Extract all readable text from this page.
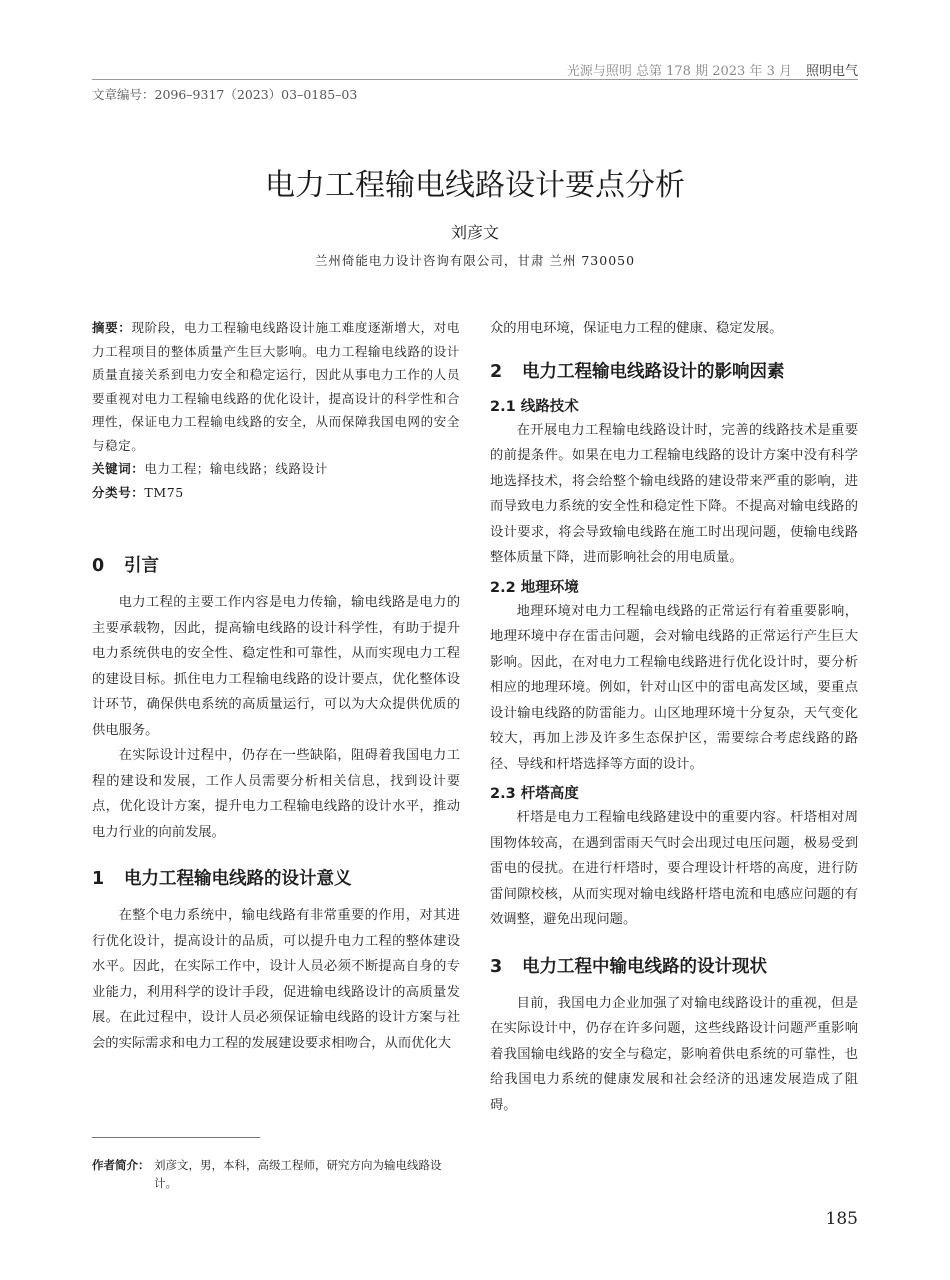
光源与照明 总第 178 期 2023 年 3 月 照明电气
文章编号：2096–9317（2023）03–0185–03
电力工程输电线路设计要点分析
刘彦文
兰州倚能电力设计咨询有限公司，甘肃 兰州 730050

摘要：现阶段，电力工程输电线路设计施工难度逐渐增大，对电力工程项目的整体质量产生巨大影响。电力工程输电线路的设计质量直接关系到电力安全和稳定运行，因此从事电力工作的人员要重视对电力工程输电线路的优化设计，提高设计的科学性和合理性，保证电力工程输电线路的安全，从而保障我国电网的安全与稳定。

关键词：电力工程；输电线路；线路设计

分类号：TM75

0 引言

电力工程的主要工作内容是电力传输，输电线路是电力的主要承载物，因此，提高输电线路的设计科学性，有助于提升电力系统供电的安全性、稳定性和可靠性，从而实现电力工程的建设目标。抓住电力工程输电线路的设计要点，优化整体设计环节，确保供电系统的高质量运行，可以为大众提供优质的供电服务。

在实际设计过程中，仍存在一些缺陷，阻碍着我国电力工程的建设和发展，工作人员需要分析相关信息，找到设计要点，优化设计方案，提升电力工程输电线路的设计水平，推动电力行业的向前发展。

1 电力工程输电线路的设计意义

在整个电力系统中，输电线路有非常重要的作用，对其进行优化设计，提高设计的品质，可以提升电力工程的整体建设水平。因此，在实际工作中，设计人员必须不断提高自身的专业能力，利用科学的设计手段，促进输电线路设计的高质量发展。在此过程中，设计人员必须保证输电线路的设计方案与社会的实际需求和电力工程的发展建设要求相吻合，从而优化大

众的用电环境，保证电力工程的健康、稳定发展。

2 电力工程输电线路设计的影响因素
2.1 线路技术

在开展电力工程输电线路设计时，完善的线路技术是重要的前提条件。如果在电力工程输电线路的设计方案中没有科学地选择技术，将会给整个输电线路的建设带来严重的影响，进而导致电力系统的安全性和稳定性下降。不提高对输电线路的设计要求，将会导致输电线路在施工时出现问题，使输电线路整体质量下降，进而影响社会的用电质量。

2.2 地理环境

地理环境对电力工程输电线路的正常运行有着重要影响，地理环境中存在雷击问题，会对输电线路的正常运行产生巨大影响。因此，在对电力工程输电线路进行优化设计时，要分析相应的地理环境。例如，针对山区中的雷电高发区域，要重点设计输电线路的防雷能力。山区地理环境十分复杂，天气变化较大，再加上涉及许多生态保护区，需要综合考虑线路的路径、导线和杆塔选择等方面的设计。

2.3 杆塔高度

杆塔是电力工程输电线路建设中的重要内容。杆塔相对周围物体较高，在遇到雷雨天气时会出现过电压问题，极易受到雷电的侵扰。在进行杆塔时，要合理设计杆塔的高度，进行防雷间隙校核，从而实现对输电线路杆塔电流和电感应问题的有效调整，避免出现问题。

3 电力工程中输电线路的设计现状

目前，我国电力企业加强了对输电线路设计的重视，但是在实际设计中，仍存在许多问题，这些线路设计问题严重影响着我国输电线路的安全与稳定，影响着供电系统的可靠性，也给我国电力系统的健康发展和社会经济的迅速发展造成了阻碍。

作者简介： 刘彦文，男，本科，高级工程师，研究方向为输电线路设计。
185
